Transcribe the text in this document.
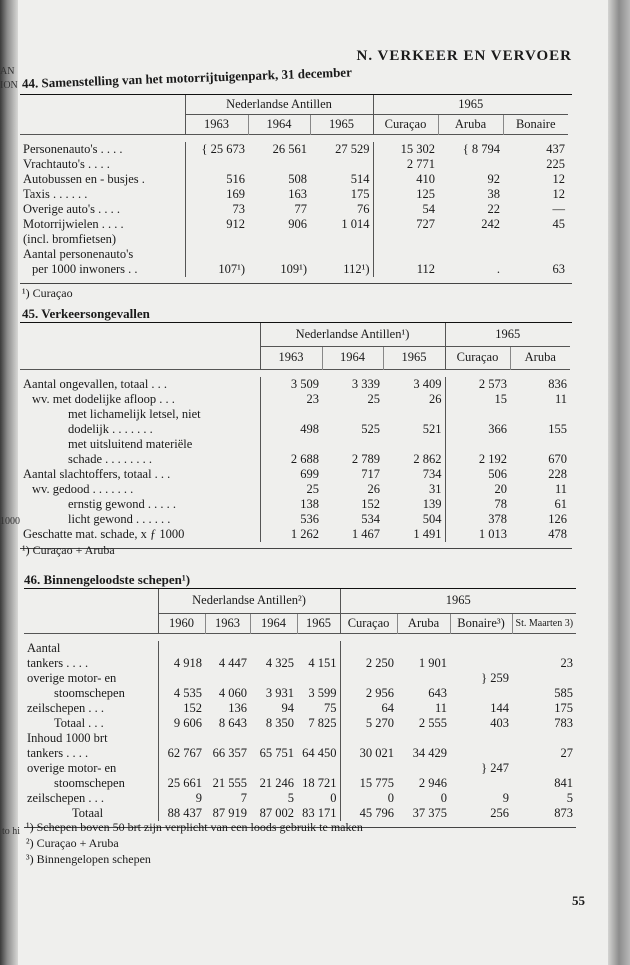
AN
ION
1000
to hi
N. VERKEER EN VERVOER
44. Samenstelling van het motorrijtuigenpark, 31 december
	Nederlandse Antillen			1965		
	1963	1964	1965	Curaçao	Aruba	Bonaire

Personenauto's . . . .	{ 25 673	26 561	27 529	15 302	{ 8 794	437
Vrachtauto's . . . .				2 771		225
Autobussen en - busjes .	516	508	514	410	92	12
Taxis . . . . . .	169	163	175	125	38	12
Overige auto's . . . .	73	77	76	54	22	—
Motorrijwielen . . . .	912	906	1 014	727	242	45
(incl. bromfietsen)						
Aantal personenauto's						
per 1000 inwoners . .	107¹)	109¹)	112¹)	112	.	63

¹) Curaçao
45. Verkeersongevallen
	Nederlandse Antillen¹)			1965	
	1963	1964	1965	Curaçao	Aruba

Aantal ongevallen, totaal . . .	3 509	3 339	3 409	2 573	836
wv. met dodelijke afloop . . .	23	25	26	15	11
met lichamelijk letsel, niet					
dodelijk . . . . . . .	498	525	521	366	155
met uitsluitend materiële					
schade . . . . . . . .	2 688	2 789	2 862	2 192	670
Aantal slachtoffers, totaal . . .	699	717	734	506	228
wv. gedood . . . . . . .	25	26	31	20	11
ernstig gewond . . . . .	138	152	139	78	61
licht gewond . . . . . .	536	534	504	378	126
Geschatte mat. schade, x ƒ 1000	1 262	1 467	1 491	1 013	478

¹) Curaçao + Aruba
46. Binnengeloodste schepen¹)
	Nederlandse Antillen²)				1965			
	1960	1963	1964	1965	Curaçao	Aruba	Bonaire³)	St. Maarten 3)

Aantal								
tankers . . . .	4 918	4 447	4 325	4 151	2 250	1 901		23
overige motor- en							} 259	
stoomschepen	4 535	4 060	3 931	3 599	2 956	643		585
zeilschepen . . .	152	136	94	75	64	11	144	175
Totaal . . .	9 606	8 643	8 350	7 825	5 270	2 555	403	783
Inhoud 1000 brt								
tankers . . . .	62 767	66 357	65 751	64 450	30 021	34 429		27
overige motor- en							} 247	
stoomschepen	25 661	21 555	21 246	18 721	15 775	2 946		841
zeilschepen . . .	9	7	5	0	0	0	9	5
Totaal	88 437	87 919	87 002	83 171	45 796	37 375	256	873

¹) Schepen boven 50 brt zijn verplicht van een loods gebruik te maken
²) Curaçao + Aruba
³) Binnengelopen schepen
55
